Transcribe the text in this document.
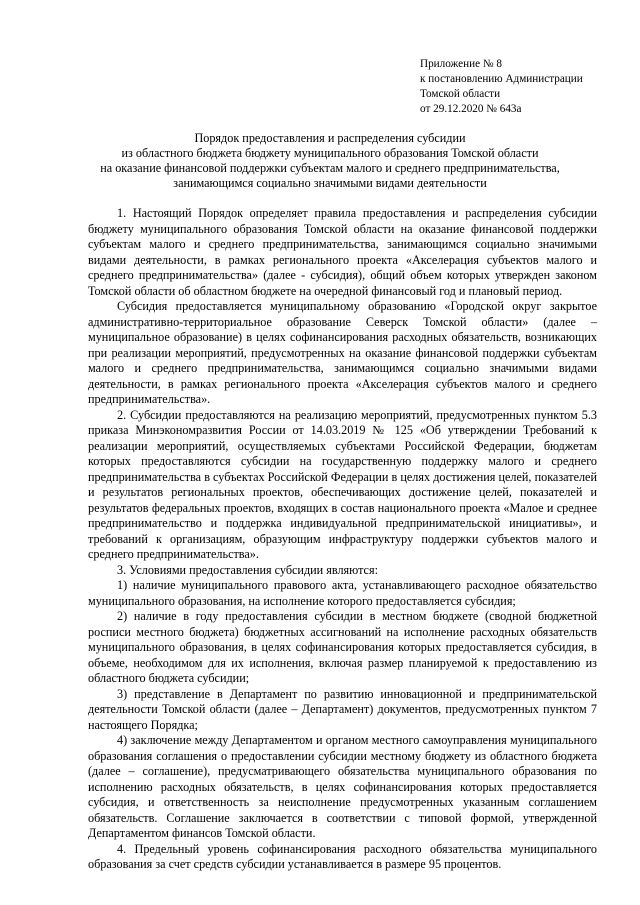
Приложение № 8
к постановлению Администрации
Томской области
от 29.12.2020 № 643а
Порядок предоставления и распределения субсидии
из областного бюджета бюджету муниципального образования Томской области
на оказание финансовой поддержки субъектам малого и среднего предпринимательства,
занимающимся социально значимыми видами деятельности

1. Настоящий Порядок определяет правила предоставления и распределения субсидии бюджету муниципального образования Томской области на оказание финансовой поддержки субъектам малого и среднего предпринимательства, занимающимся социально значимыми видами деятельности, в рамках регионального проекта «Акселерация субъектов малого и среднего предпринимательства» (далее - субсидия), общий объем которых утвержден законом Томской области об областном бюджете на очередной финансовый год и плановый период.

Субсидия предоставляется муниципальному образованию «Городской округ закрытое административно-территориальное образование Северск Томской области» (далее – муниципальное образование) в целях софинансирования расходных обязательств, возникающих при реализации мероприятий, предусмотренных на оказание финансовой поддержки субъектам малого и среднего предпринимательства, занимающимся социально значимыми видами деятельности, в рамках регионального проекта «Акселерация субъектов малого и среднего предпринимательства».

2. Субсидии предоставляются на реализацию мероприятий, предусмотренных пунктом 5.3 приказа Минэкономразвития России от 14.03.2019 № 125 «Об утверждении Требований к реализации мероприятий, осуществляемых субъектами Российской Федерации, бюджетам которых предоставляются субсидии на государственную поддержку малого и среднего предпринимательства в субъектах Российской Федерации в целях достижения целей, показателей и результатов региональных проектов, обеспечивающих достижение целей, показателей и результатов федеральных проектов, входящих в состав национального проекта «Малое и среднее предпринимательство и поддержка индивидуальной предпринимательской инициативы», и требований к организациям, образующим инфраструктуру поддержки субъектов малого и среднего предпринимательства».

3. Условиями предоставления субсидии являются:

1) наличие муниципального правового акта, устанавливающего расходное обязательство муниципального образования, на исполнение которого предоставляется субсидия;

2) наличие в году предоставления субсидии в местном бюджете (сводной бюджетной росписи местного бюджета) бюджетных ассигнований на исполнение расходных обязательств муниципального образования, в целях софинансирования которых предоставляется субсидия, в объеме, необходимом для их исполнения, включая размер планируемой к предоставлению из областного бюджета субсидии;

3) представление в Департамент по развитию инновационной и предпринимательской деятельности Томской области (далее – Департамент) документов, предусмотренных пунктом 7 настоящего Порядка;

4) заключение между Департаментом и органом местного самоуправления муниципального образования соглашения о предоставлении субсидии местному бюджету из областного бюджета (далее – соглашение), предусматривающего обязательства муниципального образования по исполнению расходных обязательств, в целях софинансирования которых предоставляется субсидия, и ответственность за неисполнение предусмотренных указанным соглашением обязательств. Соглашение заключается в соответствии с типовой формой, утвержденной Департаментом финансов Томской области.

4. Предельный уровень софинансирования расходного обязательства муниципального образования за счет средств субсидии устанавливается в размере 95 процентов.
